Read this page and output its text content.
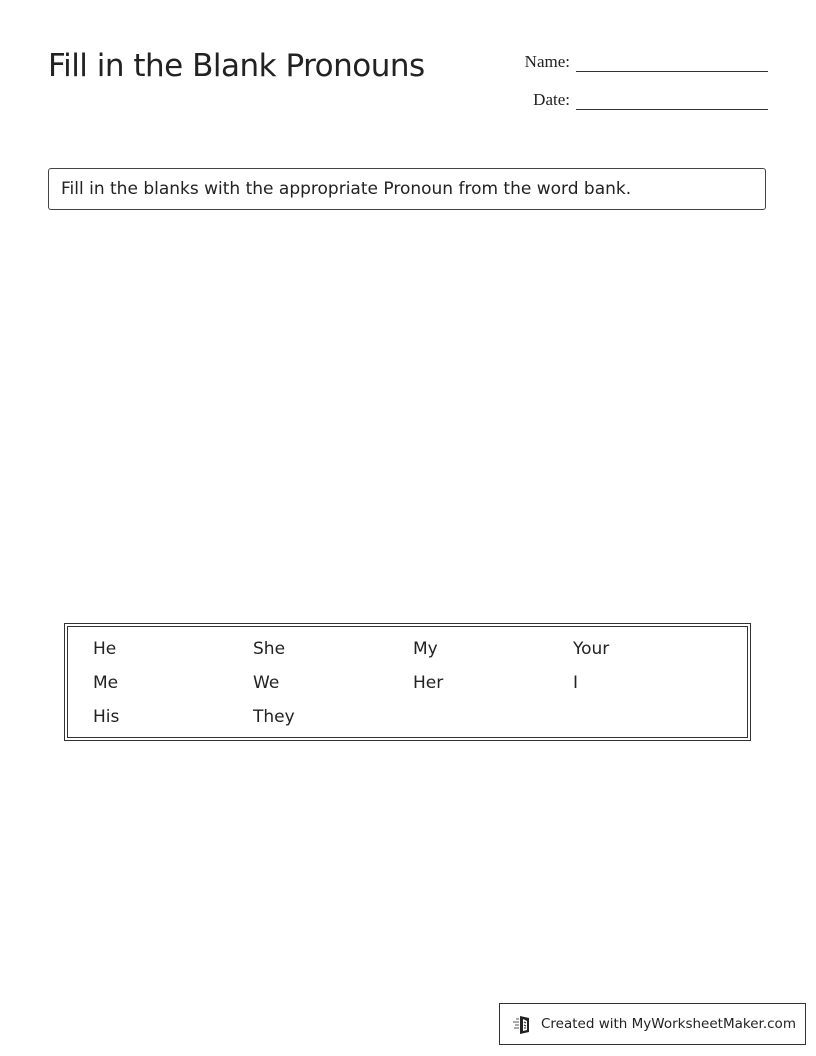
Fill in the Blank Pronouns	Name:
Date:
Fill in the blanks with the appropriate Pronoun from the word bank.
He	She	My	Your
Me	We	Her	I
His	They
Created with MyWorksheetMaker.com
